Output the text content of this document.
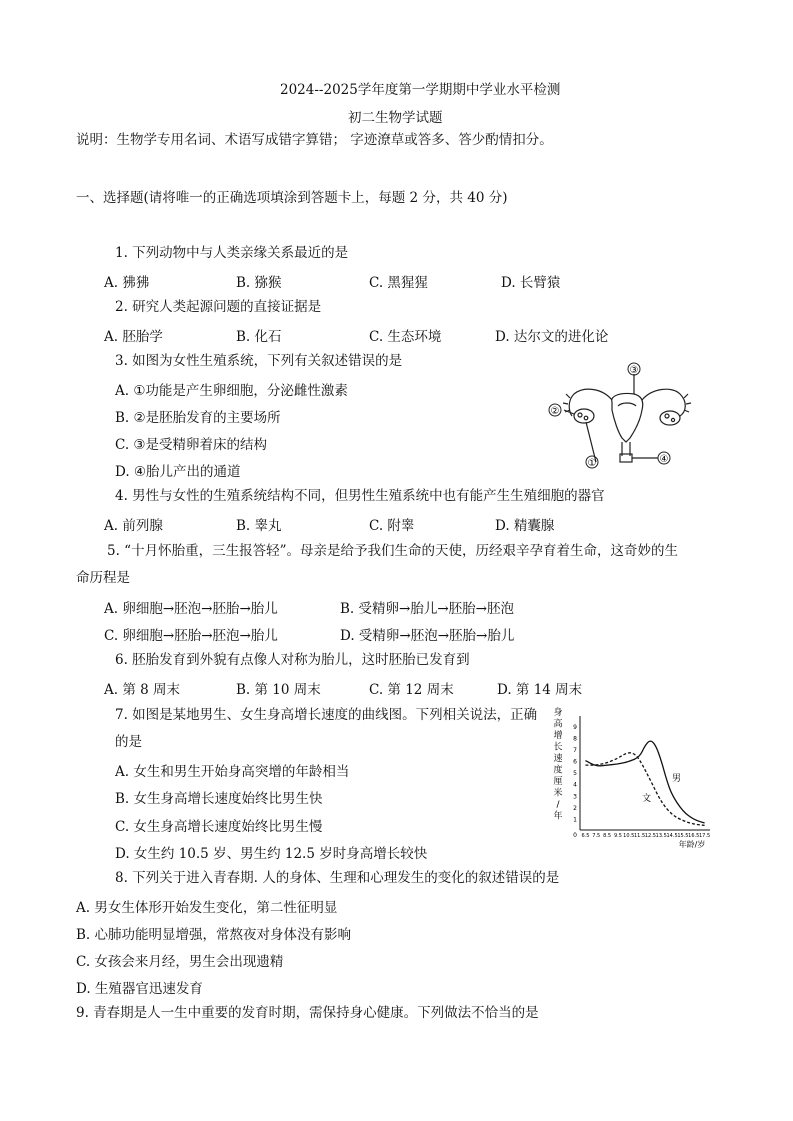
2024--2025学年度第一学期期中学业水平检测
初二生物学试题
说明：生物学专用名词、术语写成错字算错； 字迹潦草或答多、答少酌情扣分。
一、选择题(请将唯一的正确选项填涂到答题卡上，每题 2 分，共 40 分)
1. 下列动物中与人类亲缘关系最近的是
A. 狒狒	B. 猕猴	C. 黑猩猩	D. 长臂猿
2. 研究人类起源问题的直接证据是
A. 胚胎学	B. 化石	C. 生态环境	D. 达尔文的进化论
3. 如图为女性生殖系统，下列有关叙述错误的是
A. ①功能是产生卵细胞，分泌雌性激素
B. ②是胚胎发育的主要场所
C. ③是受精卵着床的结构
D. ④胎儿产出的通道
③
②
①	④
4. 男性与女性的生殖系统结构不同，但男性生殖系统中也有能产生生殖细胞的器官
A. 前列腺	B. 睾丸	C. 附睾	D. 精囊腺
5. “十月怀胎重，三生报答轻”。母亲是给予我们生命的天使，历经艰辛孕育着生命，这奇妙的生
命历程是
A. 卵细胞→胚泡→胚胎→胎儿	B. 受精卵→胎儿→胚胎→胚泡
C. 卵细胞→胚胎→胚泡→胎儿	D. 受精卵→胚泡→胚胎→胎儿
6. 胚胎发育到外貌有点像人对称为胎儿，这时胚胎已发育到
A. 第 8 周末	B. 第 10 周末	C. 第 12 周末	D. 第 14 周末
7. 如图是某地男生、女生身高增长速度的曲线图。下列相关说法，正确
的是
A. 女生和男生开始身高突增的年龄相当
B. 女生身高增长速度始终比男生快
C. 女生身高增长速度始终比男生慢
D. 女生约 10.5 岁、男生约 12.5 岁时身高增长较快
身高增长速度厘米/年 1
2
3
4
5
6
7
8
9
0 6.5 7.5 8.5 9.5 10.5 11.5 12.5 13.5 14.5 15.5 16.5 17.5
男
文
年龄/岁
8. 下列关于进入青春期. 人的身体、生理和心理发生的变化的叙述错误的是
A. 男女生体形开始发生变化，第二性征明显
B. 心肺功能明显增强，常熬夜对身体没有影响
C. 女孩会来月经，男生会出现遗精
D. 生殖器官迅速发育
9. 青春期是人一生中重要的发育时期，需保持身心健康。下列做法不恰当的是
